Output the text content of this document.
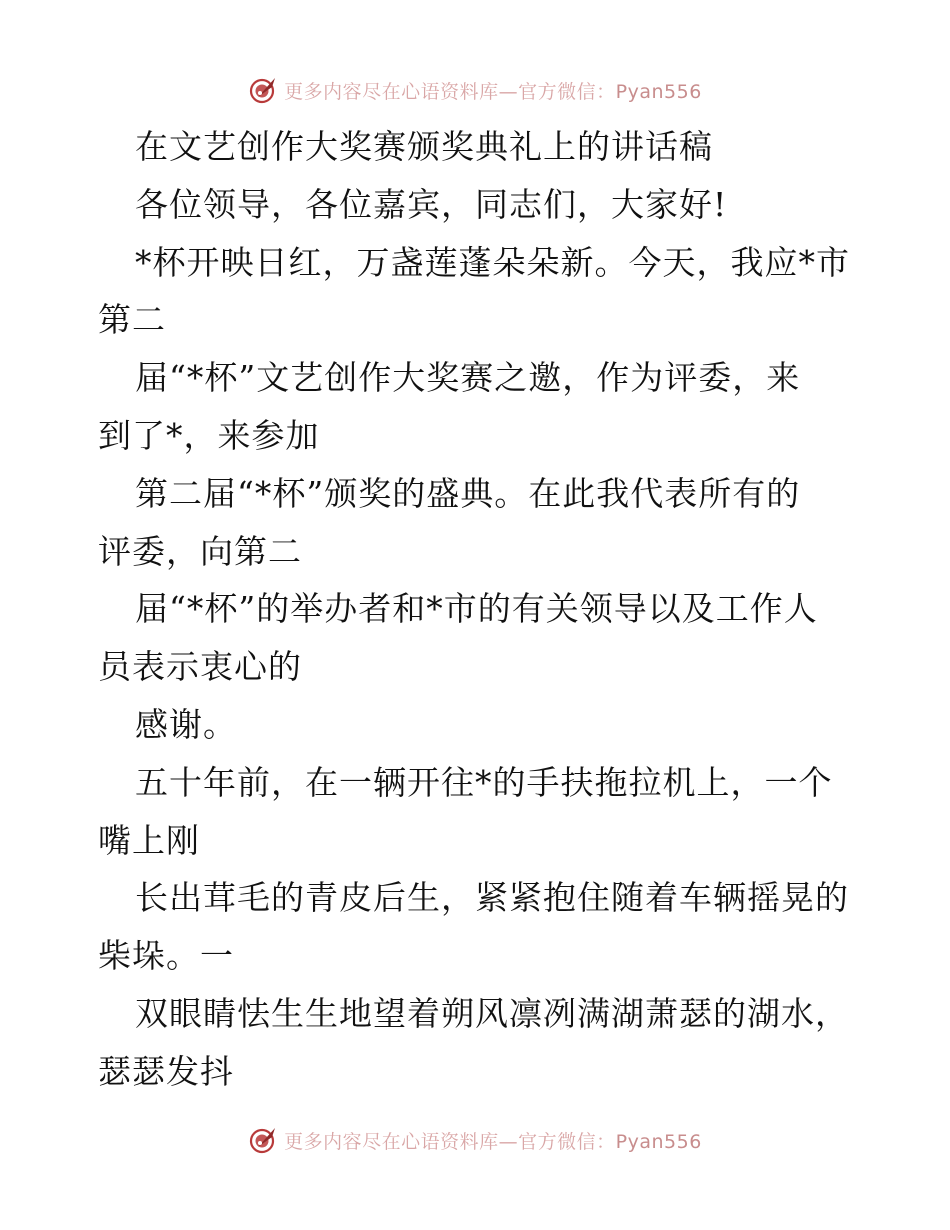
更多内容尽在心语资料库—官方微信：Pyan556
在文艺创作大奖赛颁奖典礼上的讲话稿
各位领导，各位嘉宾，同志们，大家好!
*杯开映日红，万盏莲蓬朵朵新。今天，我应*市
第二
届“*杯”文艺创作大奖赛之邀，作为评委，来
到了*，来参加
第二届“*杯”颁奖的盛典。在此我代表所有的
评委，向第二
届“*杯”的举办者和*市的有关领导以及工作人
员表示衷心的
感谢。
五十年前，在一辆开往*的手扶拖拉机上，一个
嘴上刚
长出茸毛的青皮后生，紧紧抱住随着车辆摇晃的
柴垛。一
双眼睛怯生生地望着朔风凛冽满湖萧瑟的湖水，
瑟瑟发抖
更多内容尽在心语资料库—官方微信：Pyan556
